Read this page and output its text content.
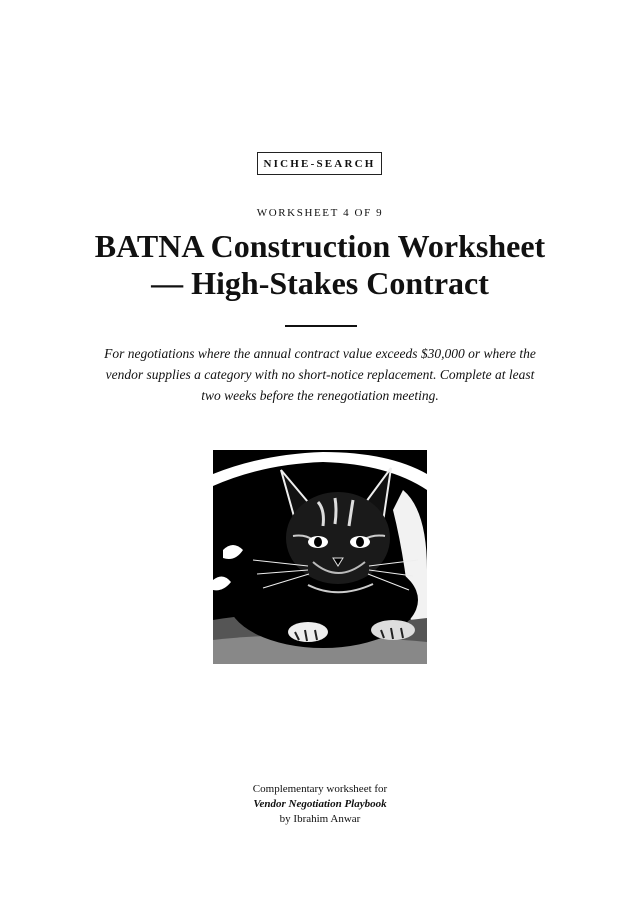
NICHE-SEARCH
WORKSHEET 4 OF 9
BATNA Construction Worksheet
— High-Stakes Contract
For negotiations where the annual contract value exceeds $30,000 or where the vendor supplies a category with no short-notice replacement. Complete at least two weeks before the renegotiation meeting.
Complementary worksheet for
Vendor Negotiation Playbook
by Ibrahim Anwar
